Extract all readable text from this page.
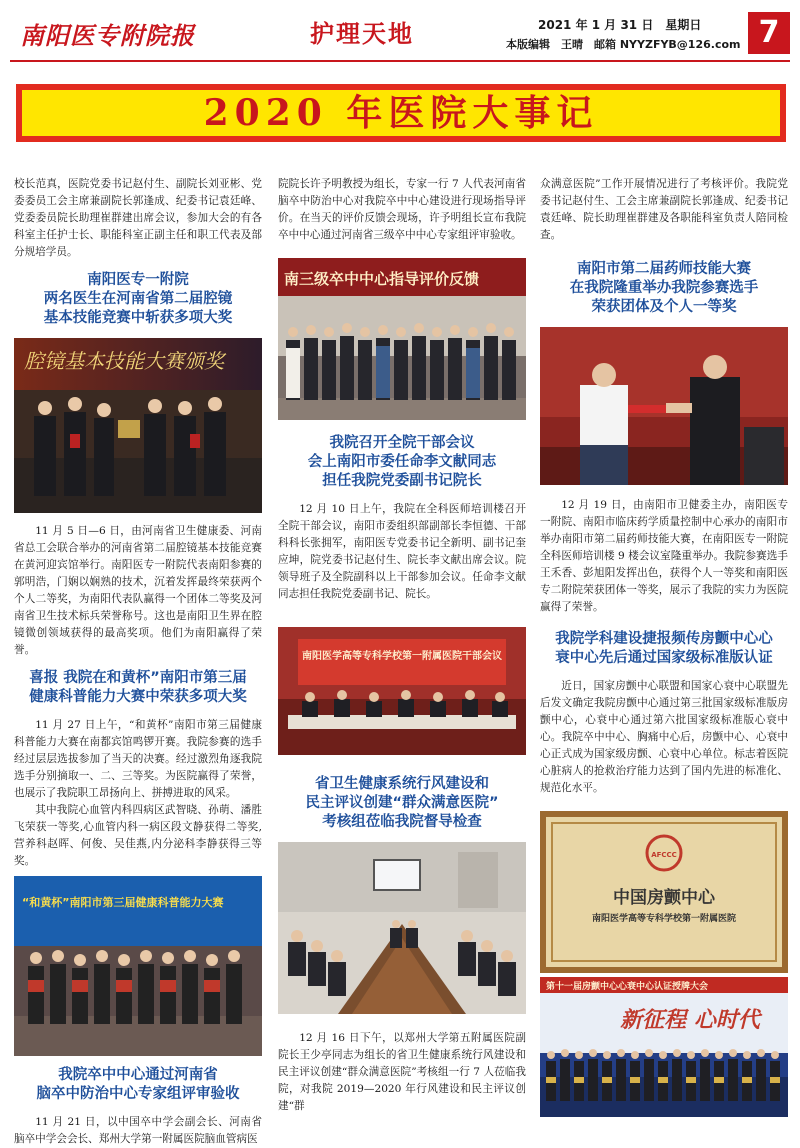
南阳医专附院报	护理天地	2021 年 1 月 31 日　星期日
本版编辑　王晴　邮箱 NYYZFYB@126.com 7
2020 年医院大事记

校长范真，医院党委书记赵付生、副院长刘亚彬、党委委员工会主席兼副院长郭逢成、纪委书记袁廷峰、党委委员院长助理崔群建出席会议，参加大会的有各科室主任护士长、职能科室正副主任和职工代表及部分规培学员。

南阳医专一附院
两名医生在河南省第二届腔镜
基本技能竞赛中斩获多项大奖
腔镜基本技能大赛颁奖

11 月 5 日—6 日，由河南省卫生健康委、河南省总工会联合举办的河南省第二届腔镜基本技能竞赛在黄河迎宾馆举行。南阳医专一附院代表南阳参赛的郭明浩，门娴以娴熟的技术，沉着发挥最终荣获两个个人二等奖，为南阳代表队赢得一个团体二等奖及河南省卫生技术标兵荣誉称号。这也是南阳卫生界在腔镜微创领域获得的最高奖项。他们为南阳赢得了荣誉。

喜报 我院在和黄杯”南阳市第三届
健康科普能力大赛中荣获多项大奖

11 月 27 日上午，“和黄杯”南阳市第三届健康科普能力大赛在南都宾馆鸣锣开赛。我院参赛的选手经过层层选拔参加了当天的决赛。经过激烈角逐我院选手分别摘取一、二、三等奖。为医院赢得了荣誉，也展示了我院职工昂扬向上、拼搏进取的风采。

其中我院心血管内科四病区武智晓、孙萌、潘胜飞荣获一等奖,心血管内科一病区段文静获得二等奖,营养科赵晖、何俊、吴佳燕,内分泌科李静获得三等奖。

“和黄杯”南阳市第三届健康科普能力大赛
我院卒中中心通过河南省
脑卒中防治中心专家组评审验收

11 月 21 日，以中国卒中学会副会长、河南省脑卒中学会会长、郑州大学第一附属医院脑血管病医

院院长许予明教授为组长，专家一行 7 人代表河南省脑卒中防治中心对我院卒中中心建设进行现场指导评价。在当天的评价反馈会现场，许予明组长宣布我院卒中中心通过河南省三级卒中中心专家组评审验收。

南三级卒中中心指导评价反馈
我院召开全院干部会议
会上南阳市委任命李文献同志
担任我院党委副书记院长

12 月 10 日上午，我院在全科医师培训楼召开全院干部会议，南阳市委组织部副部长李恒德、干部科科长张拥军，南阳医专党委书记全新明、副书记奎应坤，院党委书记赵付生、院长李文献出席会议。院领导班子及全院副科以上干部参加会议。任命李文献同志担任我院党委副书记、院长。

南阳医学高等专科学校第一附属医院干部会议
省卫生健康系统行风建设和
民主评议创建“群众满意医院”
考核组莅临我院督导检查

12 月 16 日下午，以郑州大学第五附属医院副院长王少亭同志为组长的省卫生健康系统行风建设和民主评议创建“群众满意医院”考核组一行 7 人莅临我院，对我院 2019—2020 年行风建设和民主评议创建“群

众满意医院”工作开展情况进行了考核评价。我院党委书记赵付生、工会主席兼副院长郭逢成、纪委书记袁廷峰、院长助理崔群建及各职能科室负责人陪同检查。

南阳市第二届药师技能大赛
在我院隆重举办我院参赛选手
荣获团体及个人一等奖

12 月 19 日，由南阳市卫健委主办，南阳医专一附院、南阳市临床药学质量控制中心承办的南阳市举办南阳市第二届药师技能大赛，在南阳医专一附院全科医师培训楼 9 楼会议室隆重举办。我院参赛选手王禾香、彭旭阳发挥出色，获得个人一等奖和南阳医专二附院荣获团体一等奖，展示了我院的实力为医院赢得了荣誉。

我院学科建设捷报频传房颤中心心
衰中心先后通过国家级标准版认证

近日，国家房颤中心联盟和国家心衰中心联盟先后发文确定我院房颤中心通过第三批国家级标准版房颤中心，心衰中心通过第六批国家级标准版心衰中心。我院卒中中心、胸痛中心后，房颤中心、心衰中心正式成为国家级房颤、心衰中心单位。标志着医院心脏病人的抢救治疗能力达到了国内先进的标准化、规范化水平。

AFCCC
中国房颤中心
南阳医学高等专科学校第一附属医院
第十一届房颤中心心衰中心认证授牌大会
新征程 心时代
